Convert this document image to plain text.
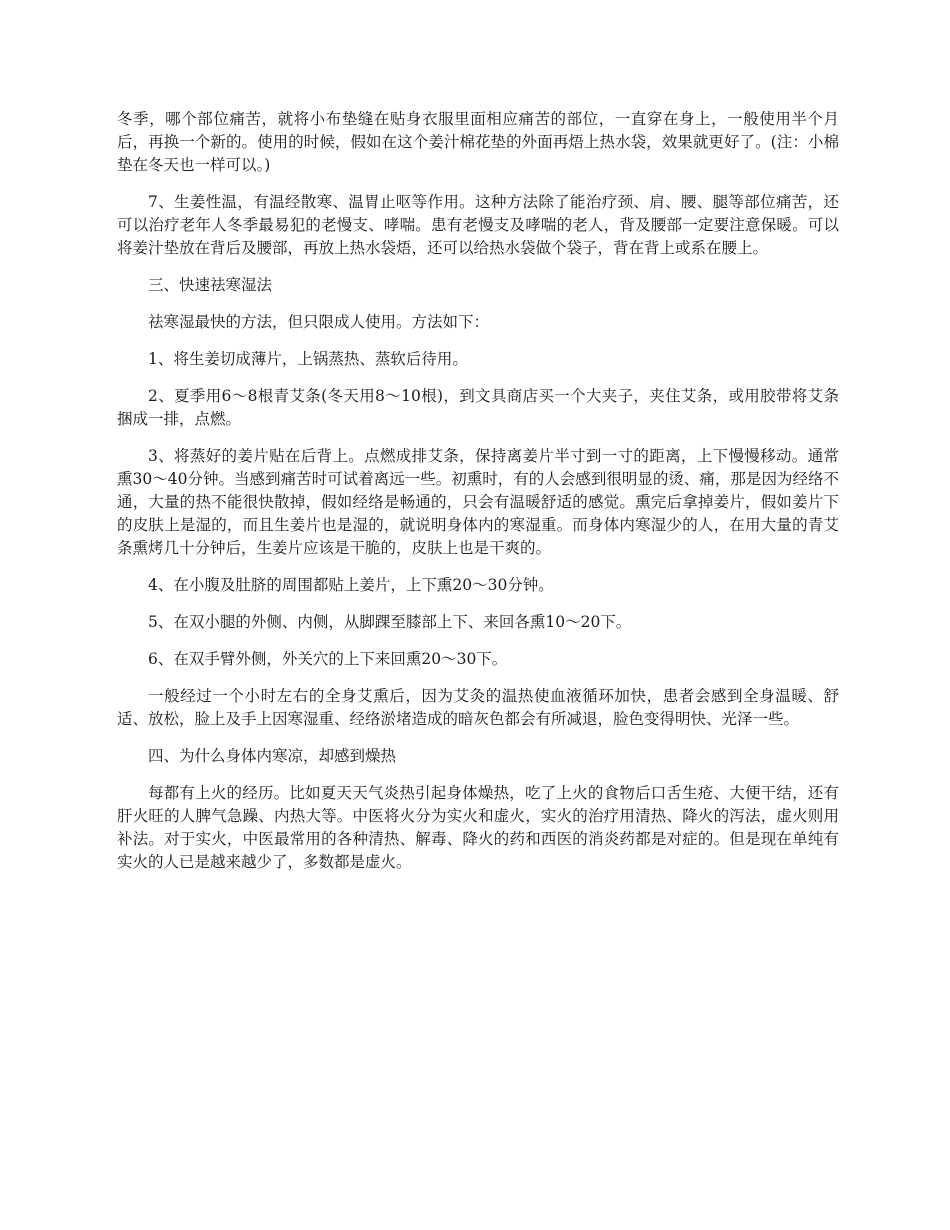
冬季，哪个部位痛苦，就将小布垫缝在贴身衣服里面相应痛苦的部位，一直穿在身上，一般使用半个月后，再换一个新的。使用的时候，假如在这个姜汁棉花垫的外面再焐上热水袋，效果就更好了。(注：小棉垫在冬天也一样可以。)

7、生姜性温，有温经散寒、温胃止呕等作用。这种方法除了能治疗颈、肩、腰、腿等部位痛苦，还可以治疗老年人冬季最易犯的老慢支、哮喘。患有老慢支及哮喘的老人，背及腰部一定要注意保暖。可以将姜汁垫放在背后及腰部，再放上热水袋焐，还可以给热水袋做个袋子，背在背上或系在腰上。

三、快速祛寒湿法

祛寒湿最快的方法，但只限成人使用。方法如下：

1、将生姜切成薄片，上锅蒸热、蒸软后待用。

2、夏季用6～8根青艾条(冬天用8～10根)，到文具商店买一个大夹子，夹住艾条，或用胶带将艾条捆成一排，点燃。

3、将蒸好的姜片贴在后背上。点燃成排艾条，保持离姜片半寸到一寸的距离，上下慢慢移动。通常熏30～40分钟。当感到痛苦时可试着离远一些。初熏时，有的人会感到很明显的烫、痛，那是因为经络不通，大量的热不能很快散掉，假如经络是畅通的，只会有温暖舒适的感觉。熏完后拿掉姜片，假如姜片下的皮肤上是湿的，而且生姜片也是湿的，就说明身体内的寒湿重。而身体内寒湿少的人，在用大量的青艾条熏烤几十分钟后，生姜片应该是干脆的，皮肤上也是干爽的。

4、在小腹及肚脐的周围都贴上姜片，上下熏20～30分钟。

5、在双小腿的外侧、内侧，从脚踝至膝部上下、来回各熏10～20下。

6、在双手臂外侧，外关穴的上下来回熏20～30下。

一般经过一个小时左右的全身艾熏后，因为艾灸的温热使血液循环加快，患者会感到全身温暖、舒适、放松，脸上及手上因寒湿重、经络淤堵造成的暗灰色都会有所减退，脸色变得明快、光泽一些。

四、为什么身体内寒凉，却感到燥热

每都有上火的经历。比如夏天天气炎热引起身体燥热，吃了上火的食物后口舌生疮、大便干结，还有肝火旺的人脾气急躁、内热大等。中医将火分为实火和虚火，实火的治疗用清热、降火的泻法，虚火则用补法。对于实火，中医最常用的各种清热、解毒、降火的药和西医的消炎药都是对症的。但是现在单纯有实火的人已是越来越少了，多数都是虚火。
